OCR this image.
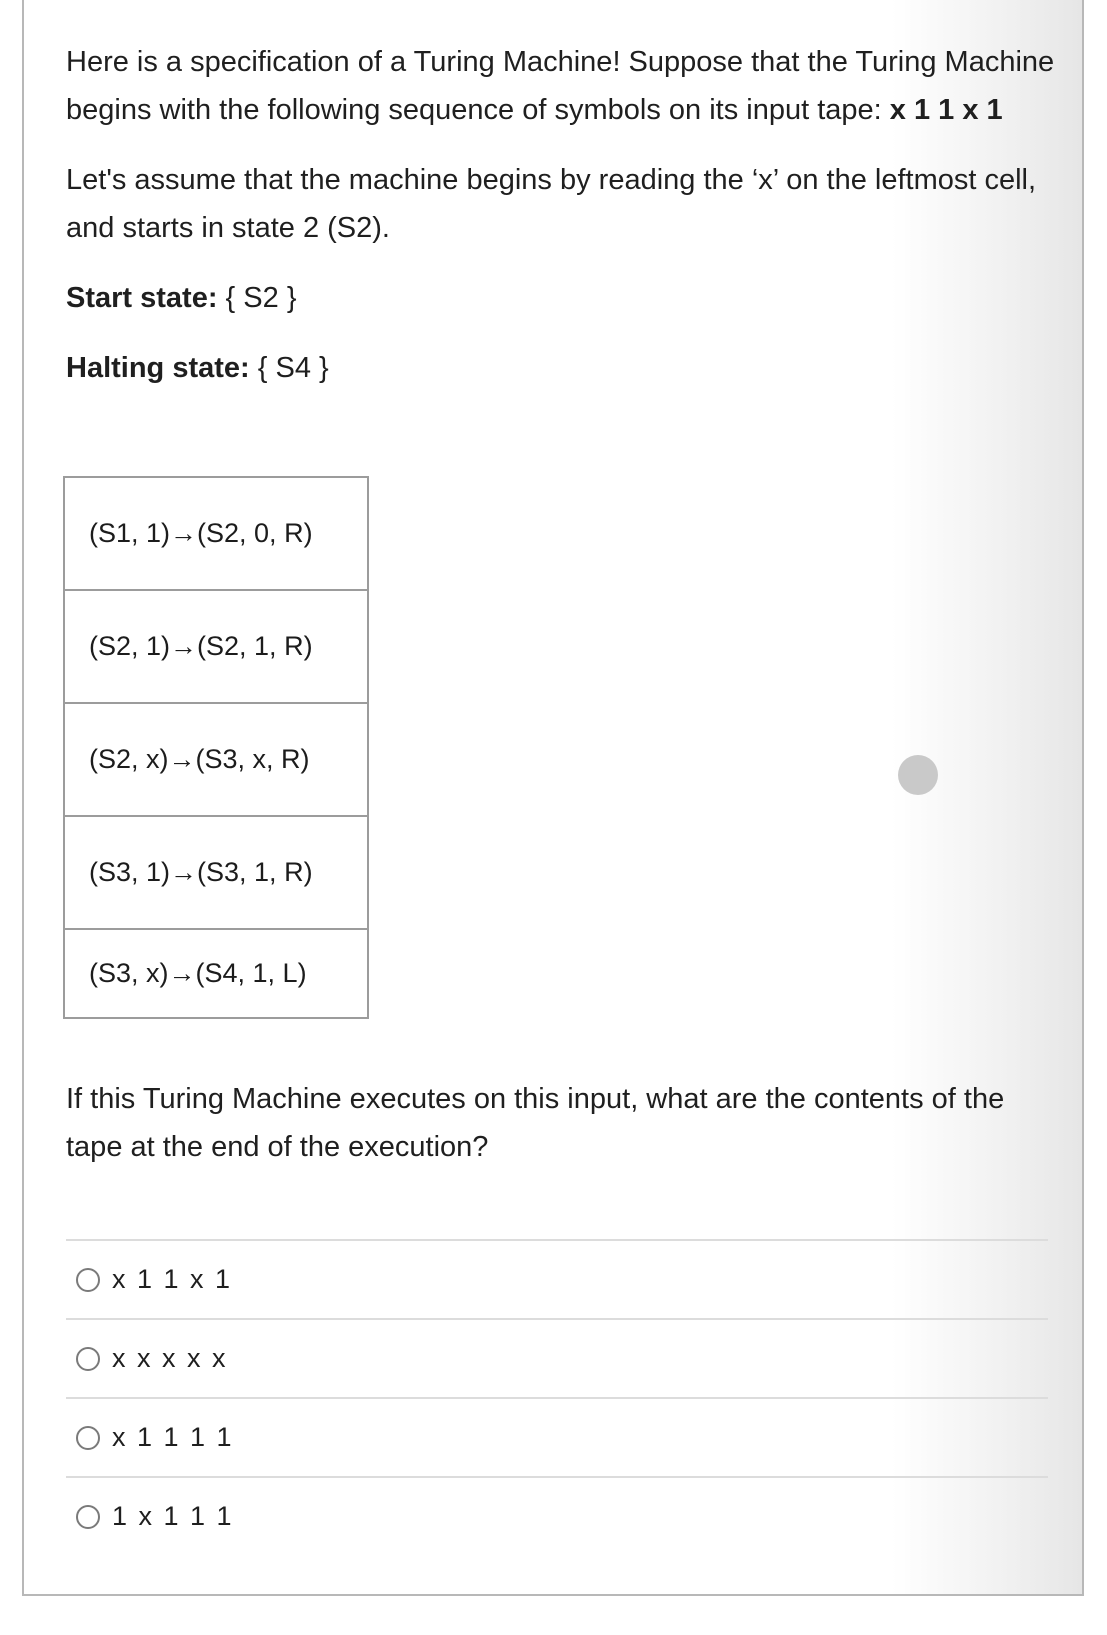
Here is a specification of a Turing Machine! Suppose that the Turing Machine begins with the following sequence of symbols on its input tape: x 1 1 x 1

Let's assume that the machine begins by reading the ‘x’ on the leftmost cell, and starts in state 2 (S2).

Start state: { S2 }

Halting state: { S4 }

(S1, 1)→(S2, 0, R)
(S2, 1)→(S2, 1, R)
(S2, x)→(S3, x, R)
(S3, 1)→(S3, 1, R)
(S3, x)→(S4, 1, L)

If this Turing Machine executes on this input, what are the contents of the tape at the end of the execution?

x 1 1 x 1
x x x x x
x 1 1 1 1
1 x 1 1 1
